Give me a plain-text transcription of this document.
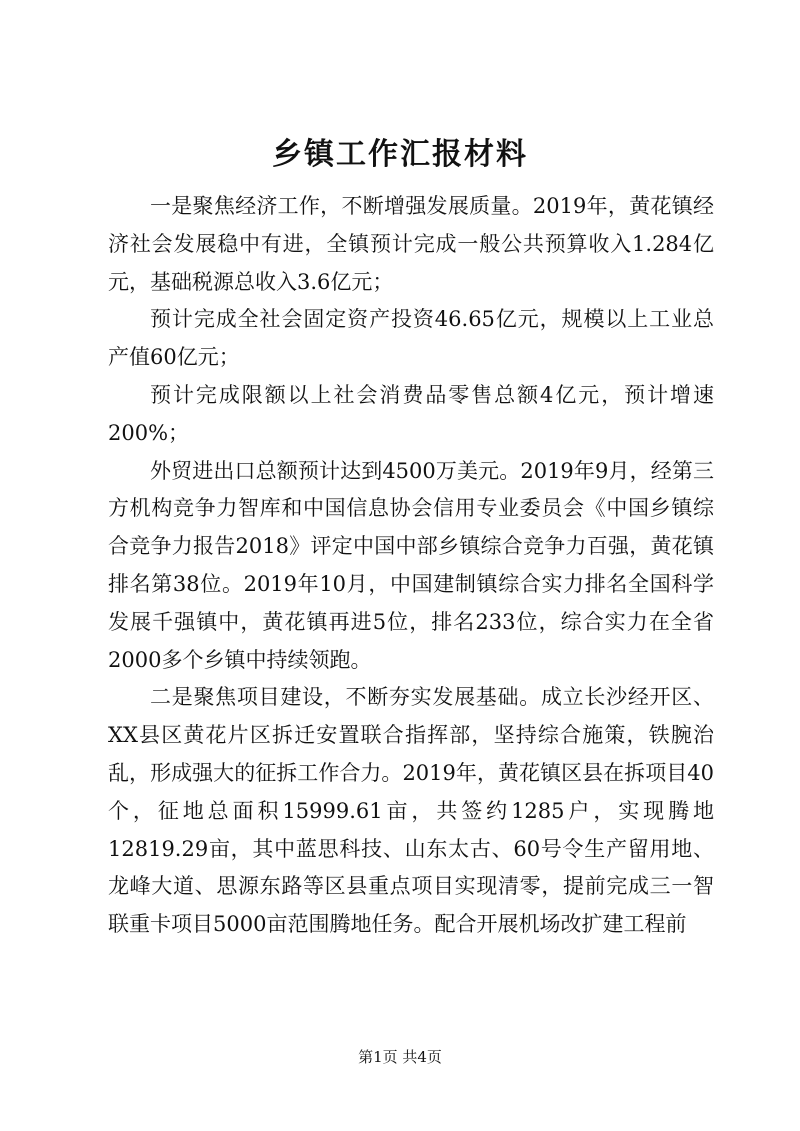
乡镇工作汇报材料

一是聚焦经济工作，不断增强发展质量。2019年，黄花镇经济社会发展稳中有进，全镇预计完成一般公共预算收入1.284亿元，基础税源总收入3.6亿元；

预计完成全社会固定资产投资46.65亿元，规模以上工业总产值60亿元；

预计完成限额以上社会消费品零售总额4亿元，预计增速200%；

外贸进出口总额预计达到4500万美元。2019年9月，经第三方机构竞争力智库和中国信息协会信用专业委员会《中国乡镇综合竞争力报告2018》评定中国中部乡镇综合竞争力百强，黄花镇排名第38位。2019年10月，中国建制镇综合实力排名全国科学发展千强镇中，黄花镇再进5位，排名233位，综合实力在全省2000多个乡镇中持续领跑。

二是聚焦项目建设，不断夯实发展基础。成立长沙经开区、XX县区黄花片区拆迁安置联合指挥部，坚持综合施策，铁腕治乱，形成强大的征拆工作合力。2019年，黄花镇区县在拆项目40个，征地总面积15999.61亩，共签约1285户，实现腾地12819.29亩，其中蓝思科技、山东太古、60号令生产留用地、龙峰大道、思源东路等区县重点项目实现清零，提前完成三一智联重卡项目5000亩范围腾地任务。配合开展机场改扩建工程前

第1页 共4页
